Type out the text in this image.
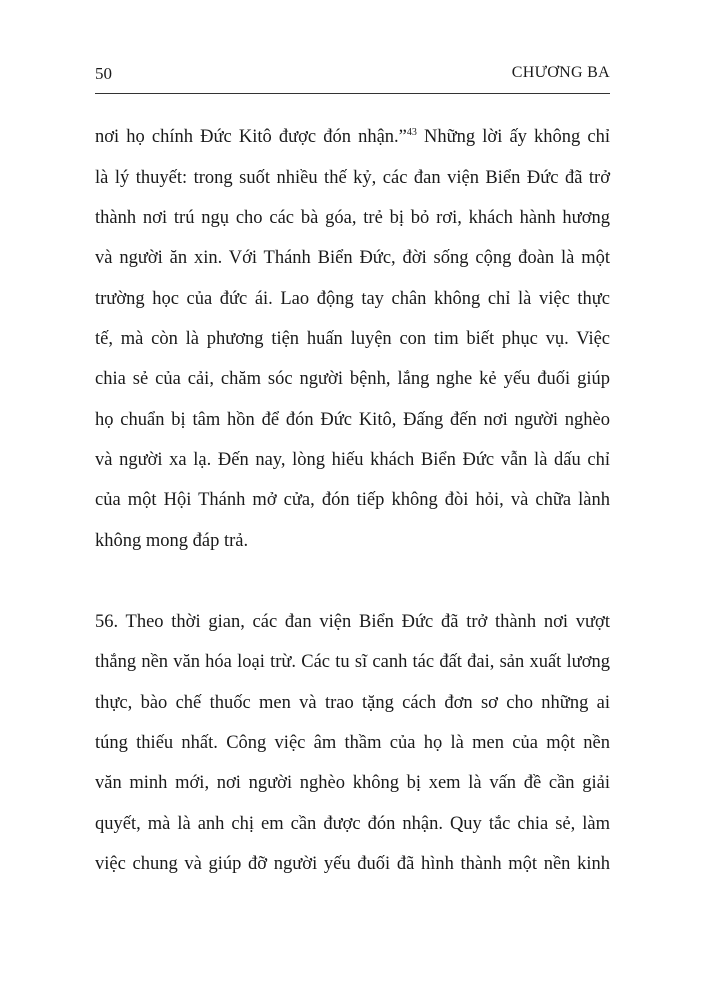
50	CHƯƠNG BA
nơi họ chính Đức Kitô được đón nhận.”$^{43}$ Những lời ấy không chỉ
là lý thuyết: trong suốt nhiều thế kỷ, các đan viện Biển Đức đã trở
thành nơi trú ngụ cho các bà góa, trẻ bị bỏ rơi, khách hành hương
và người ăn xin. Với Thánh Biển Đức, đời sống cộng đoàn là một
trường học của đức ái. Lao động tay chân không chỉ là việc thực
tế, mà còn là phương tiện huấn luyện con tim biết phục vụ. Việc
chia sẻ của cải, chăm sóc người bệnh, lắng nghe kẻ yếu đuối giúp
họ chuẩn bị tâm hồn để đón Đức Kitô, Đấng đến nơi người nghèo
và người xa lạ. Đến nay, lòng hiếu khách Biển Đức vẫn là dấu chỉ
của một Hội Thánh mở cửa, đón tiếp không đòi hỏi, và chữa lành
không mong đáp trả.
56. Theo thời gian, các đan viện Biển Đức đã trở thành nơi vượt
thắng nền văn hóa loại trừ. Các tu sĩ canh tác đất đai, sản xuất lương
thực, bào chế thuốc men và trao tặng cách đơn sơ cho những ai
túng thiếu nhất. Công việc âm thầm của họ là men của một nền
văn minh mới, nơi người nghèo không bị xem là vấn đề cần giải
quyết, mà là anh chị em cần được đón nhận. Quy tắc chia sẻ, làm
việc chung và giúp đỡ người yếu đuối đã hình thành một nền kinh
